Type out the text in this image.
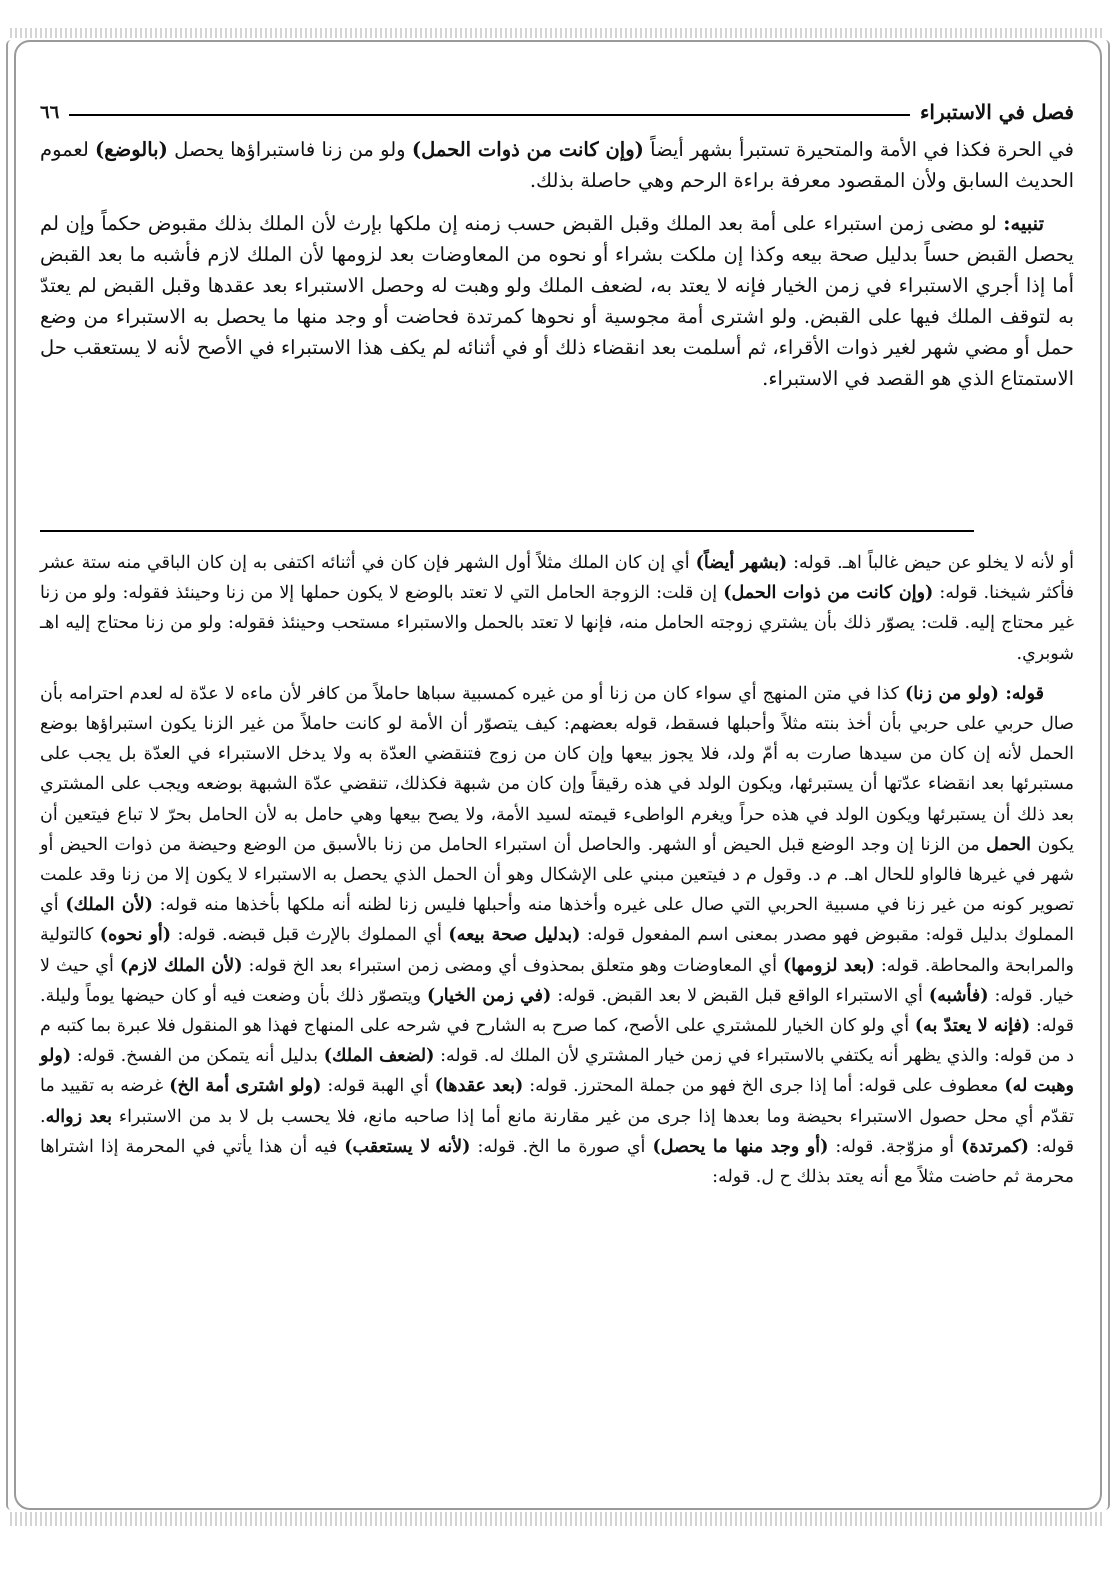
فصل في الاستبراء
٦٦

في الحرة فكذا في الأمة والمتحيرة تستبرأ بشهر أيضاً (وإن كانت من ذوات الحمل) ولو من زنا فاستبراؤها يحصل (بالوضع) لعموم الحديث السابق ولأن المقصود معرفة براءة الرحم وهي حاصلة بذلك.

تنبيه: لو مضى زمن استبراء على أمة بعد الملك وقبل القبض حسب زمنه إن ملكها بإرث لأن الملك بذلك مقبوض حكماً وإن لم يحصل القبض حساً بدليل صحة بيعه وكذا إن ملكت بشراء أو نحوه من المعاوضات بعد لزومها لأن الملك لازم فأشبه ما بعد القبض أما إذا أجري الاستبراء في زمن الخيار فإنه لا يعتد به، لضعف الملك ولو وهبت له وحصل الاستبراء بعد عقدها وقبل القبض لم يعتدّ به لتوقف الملك فيها على القبض. ولو اشترى أمة مجوسية أو نحوها كمرتدة فحاضت أو وجد منها ما يحصل به الاستبراء من وضع حمل أو مضي شهر لغير ذوات الأقراء، ثم أسلمت بعد انقضاء ذلك أو في أثنائه لم يكف هذا الاستبراء في الأصح لأنه لا يستعقب حل الاستمتاع الذي هو القصد في الاستبراء.

أو لأنه لا يخلو عن حيض غالباً اهـ. قوله: (بشهر أيضاً) أي إن كان الملك مثلاً أول الشهر فإن كان في أثنائه اكتفى به إن كان الباقي منه ستة عشر فأكثر شيخنا. قوله: (وإن كانت من ذوات الحمل) إن قلت: الزوجة الحامل التي لا تعتد بالوضع لا يكون حملها إلا من زنا وحينئذ فقوله: ولو من زنا غير محتاج إليه. قلت: يصوّر ذلك بأن يشتري زوجته الحامل منه، فإنها لا تعتد بالحمل والاستبراء مستحب وحينئذ فقوله: ولو من زنا محتاج إليه اهـ شوبري.

قوله: (ولو من زنا) كذا في متن المنهج أي سواء كان من زنا أو من غيره كمسبية سباها حاملاً من كافر لأن ماءه لا عدّة له لعدم احترامه بأن صال حربي على حربي بأن أخذ بنته مثلاً وأحبلها فسقط، قوله بعضهم: كيف يتصوّر أن الأمة لو كانت حاملاً من غير الزنا يكون استبراؤها بوضع الحمل لأنه إن كان من سيدها صارت به أمّ ولد، فلا يجوز بيعها وإن كان من زوج فتنقضي العدّة به ولا يدخل الاستبراء في العدّة بل يجب على مستبرئها بعد انقضاء عدّتها أن يستبرئها، ويكون الولد في هذه رقيقاً وإن كان من شبهة فكذلك، تنقضي عدّة الشبهة بوضعه ويجب على المشتري بعد ذلك أن يستبرئها ويكون الولد في هذه حراً ويغرم الواطىء قيمته لسيد الأمة، ولا يصح بيعها وهي حامل به لأن الحامل بحرّ لا تباع فيتعين أن يكون الحمل من الزنا إن وجد الوضع قبل الحيض أو الشهر. والحاصل أن استبراء الحامل من زنا بالأسبق من الوضع وحيضة من ذوات الحيض أو شهر في غيرها فالواو للحال اهـ. م د. وقول م د فيتعين مبني على الإشكال وهو أن الحمل الذي يحصل به الاستبراء لا يكون إلا من زنا وقد علمت تصوير كونه من غير زنا في مسبية الحربي التي صال على غيره وأخذها منه وأحبلها فليس زنا لظنه أنه ملكها بأخذها منه قوله: (لأن الملك) أي المملوك بدليل قوله: مقبوض فهو مصدر بمعنى اسم المفعول قوله: (بدليل صحة بيعه) أي المملوك بالإرث قبل قبضه. قوله: (أو نحوه) كالتولية والمرابحة والمحاطة. قوله: (بعد لزومها) أي المعاوضات وهو متعلق بمحذوف أي ومضى زمن استبراء بعد الخ قوله: (لأن الملك لازم) أي حيث لا خيار. قوله: (فأشبه) أي الاستبراء الواقع قبل القبض لا بعد القبض. قوله: (في زمن الخيار) ويتصوّر ذلك بأن وضعت فيه أو كان حيضها يوماً وليلة. قوله: (فإنه لا يعتدّ به) أي ولو كان الخيار للمشتري على الأصح، كما صرح به الشارح في شرحه على المنهاج فهذا هو المنقول فلا عبرة بما كتبه م د من قوله: والذي يظهر أنه يكتفي بالاستبراء في زمن خيار المشتري لأن الملك له. قوله: (لضعف الملك) بدليل أنه يتمكن من الفسخ. قوله: (ولو وهبت له) معطوف على قوله: أما إذا جرى الخ فهو من جملة المحترز. قوله: (بعد عقدها) أي الهبة قوله: (ولو اشترى أمة الخ) غرضه به تقييد ما تقدّم أي محل حصول الاستبراء بحيضة وما بعدها إذا جرى من غير مقارنة مانع أما إذا صاحبه مانع، فلا يحسب بل لا بد من الاستبراء بعد زواله. قوله: (كمرتدة) أو مزوّجة. قوله: (أو وجد منها ما يحصل) أي صورة ما الخ. قوله: (لأنه لا يستعقب) فيه أن هذا يأتي في المحرمة إذا اشتراها محرمة ثم حاضت مثلاً مع أنه يعتد بذلك ح ل. قوله:
